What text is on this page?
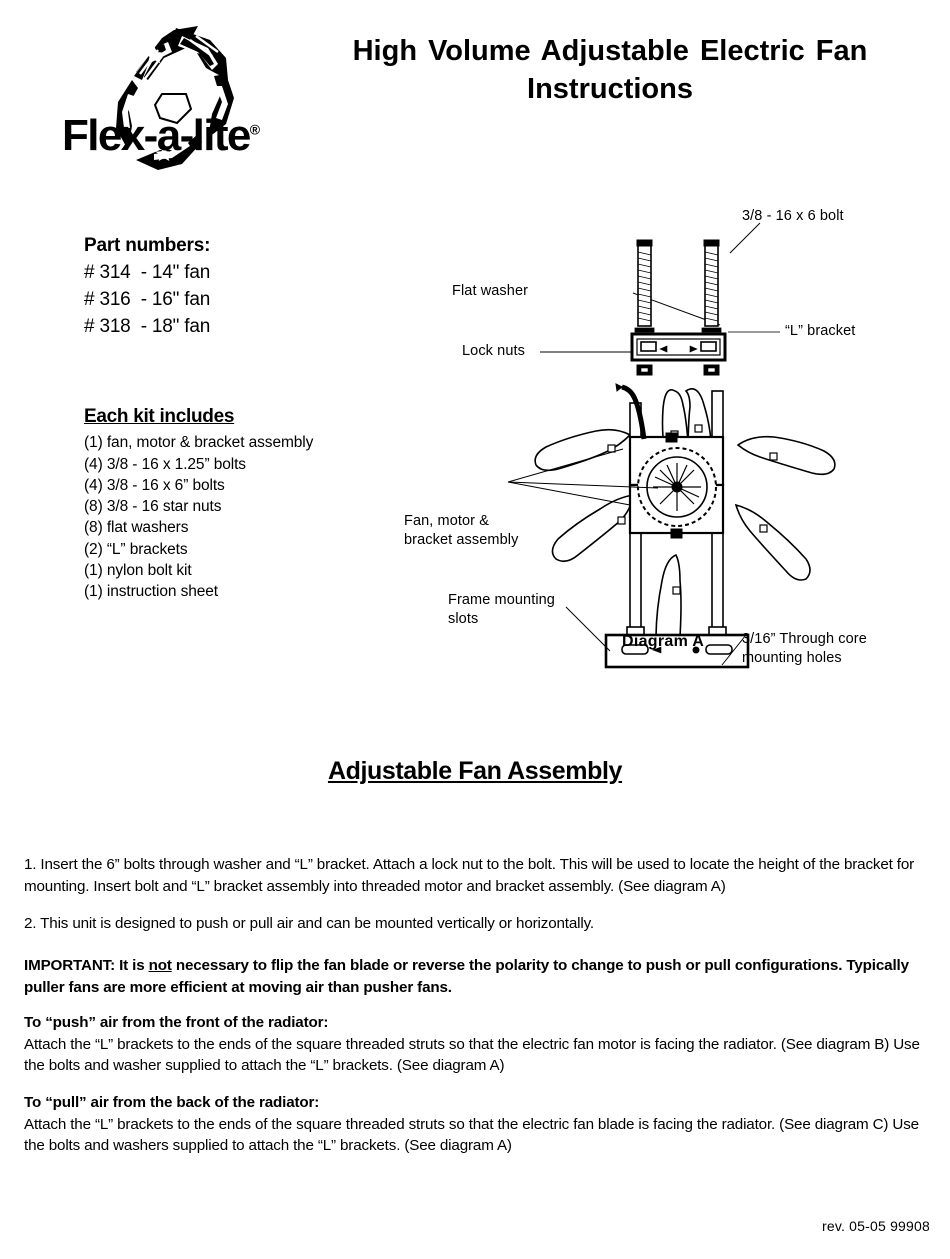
Flex-a-lite®
High Volume Adjustable Electric Fan
Instructions
Part numbers:
# 314  - 14" fan
# 316  - 16" fan
# 318  - 18" fan
Each kit includes
(1) fan, motor & bracket assembly
(4) 3/8 - 16 x 1.25” bolts
(4) 3/8 - 16 x 6” bolts
(8) 3/8 - 16 star nuts
(8) flat washers
(2) “L” brackets
(1) nylon bolt kit
(1) instruction sheet
3/8 - 16 x 6 bolt
Flat washer
Lock nuts
“L” bracket
Fan, motor &
bracket assembly
Frame mounting
slots
3/16” Through core
mounting holes
Diagram A
Adjustable Fan Assembly
1. Insert the 6” bolts through washer and “L” bracket. Attach a lock nut to the bolt. This will be used to locate the height of the bracket for mounting. Insert bolt and “L” bracket assembly into threaded motor and bracket assembly. (See diagram A)
2. This unit is designed to push or pull air and can be mounted vertically or horizontally.
IMPORTANT: It is not necessary to flip the fan blade or reverse the polarity to change to push or pull configurations. Typically puller fans are more efficient at moving air than pusher fans.
To “push” air from the front of the radiator:
Attach the “L” brackets to the ends of the square threaded struts so that the electric fan motor is facing the radiator. (See diagram B) Use the bolts and washer supplied to attach the “L” brackets. (See diagram A)
To “pull” air from the back of the radiator:
Attach the “L” brackets to the ends of the square threaded struts so that the electric fan blade is facing the radiator. (See diagram C) Use the bolts and washers supplied to attach the “L” brackets. (See diagram A)
rev. 05-05 99908
